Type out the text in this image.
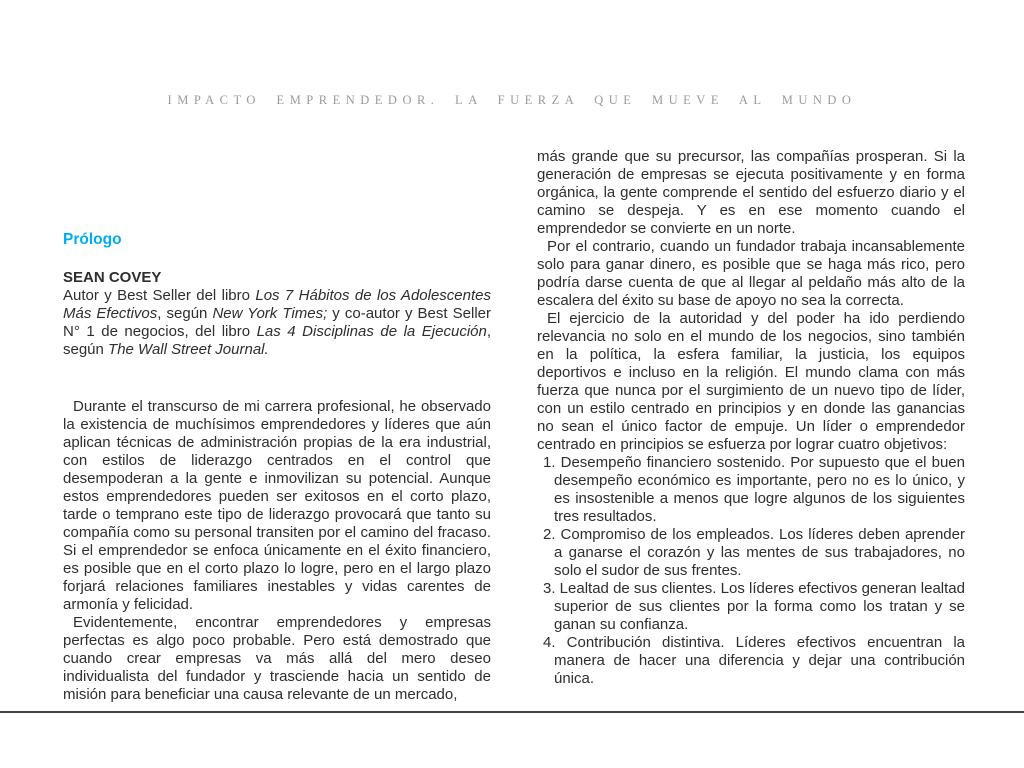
IMPACTO EMPRENDEDOR. LA FUERZA QUE MUEVE AL MUNDO
Prólogo

SEAN COVEY

Autor y Best Seller del libro Los 7 Hábitos de los Adolescentes Más Efectivos, según New York Times; y co-autor y Best Seller N° 1 de negocios, del libro Las 4 Disciplinas de la Ejecución, según The Wall Street Journal.

Durante el transcurso de mi carrera profesional, he observado la existencia de muchísimos emprendedores y líderes que aún aplican técnicas de administración propias de la era industrial, con estilos de liderazgo centrados en el control que desempoderan a la gente e inmovilizan su potencial. Aunque estos emprendedores pueden ser exitosos en el corto plazo, tarde o temprano este tipo de liderazgo provocará que tanto su compañía como su personal transiten por el camino del fracaso. Si el emprendedor se enfoca únicamente en el éxito financiero, es posible que en el corto plazo lo logre, pero en el largo plazo forjará relaciones familiares inestables y vidas carentes de armonía y felicidad.

Evidentemente, encontrar emprendedores y empresas perfectas es algo poco probable. Pero está demostrado que cuando crear empresas va más allá del mero deseo individualista del fundador y trasciende hacia un sentido de misión para beneficiar una causa relevante de un mercado,

más grande que su precursor, las compañías prosperan. Si la generación de empresas se ejecuta positivamente y en forma orgánica, la gente comprende el sentido del esfuerzo diario y el camino se despeja. Y es en ese momento cuando el emprendedor se convierte en un norte.

Por el contrario, cuando un fundador trabaja incansablemente solo para ganar dinero, es posible que se haga más rico, pero podría darse cuenta de que al llegar al peldaño más alto de la escalera del éxito su base de apoyo no sea la correcta.

El ejercicio de la autoridad y del poder ha ido perdiendo relevancia no solo en el mundo de los negocios, sino también en la política, la esfera familiar, la justicia, los equipos deportivos e incluso en la religión. El mundo clama con más fuerza que nunca por el surgimiento de un nuevo tipo de líder, con un estilo centrado en principios y en donde las ganancias no sean el único factor de empuje. Un líder o emprendedor centrado en principios se esfuerza por lograr cuatro objetivos:

1. Desempeño financiero sostenido. Por supuesto que el buen desempeño económico es importante, pero no es lo único, y es insostenible a menos que logre algunos de los siguientes tres resultados.

2. Compromiso de los empleados. Los líderes deben aprender a ganarse el corazón y las mentes de sus trabajadores, no solo el sudor de sus frentes.

3. Lealtad de sus clientes. Los líderes efectivos generan lealtad superior de sus clientes por la forma como los tratan y se ganan su confianza.

4. Contribución distintiva. Líderes efectivos encuentran la manera de hacer una diferencia y dejar una contribución única.
